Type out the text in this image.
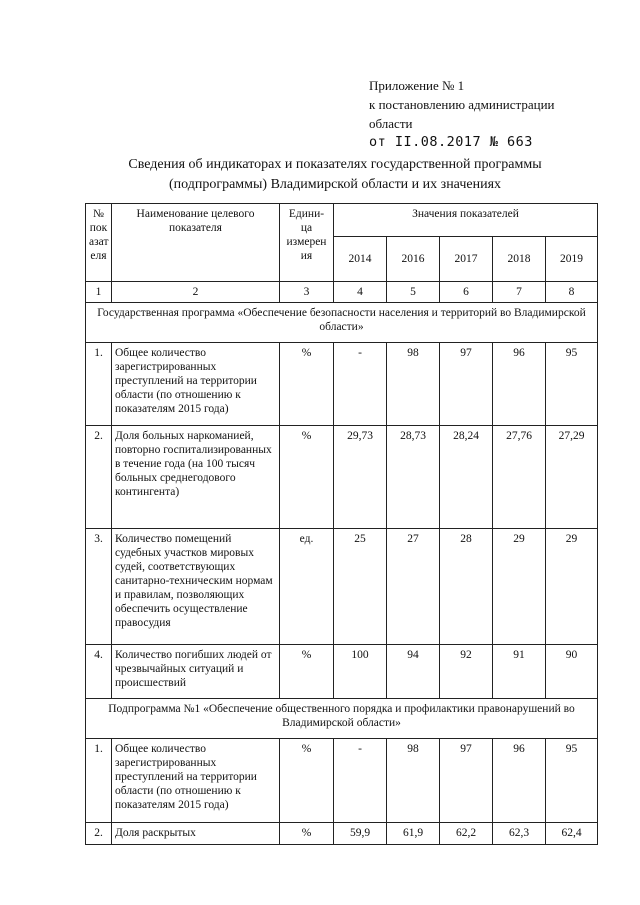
Приложение № 1
к постановлению администрации
области
от II.08.2017 № 663
Сведения об индикаторах и показателях государственной программы
(подпрограммы) Владимирской области и их значениях
№ пок азат еля	Наименование целевого показателя	Едини- ца измерен ия	Значения показателей				
			2014	2016	2017	2018	2019
1	2	3	4	5	6	7	8
Государственная программа «Обеспечение безопасности населения и территорий во Владимирской области»							
1.	Общее количество зарегистрированных преступлений на территории области (по отношению к показателям 2015 года)	%	-	98	97	96	95
2.	Доля больных наркоманией, повторно госпитализированных в течение года (на 100 тысяч больных среднегодового контингента)	%	29,73	28,73	28,24	27,76	27,29
3.	Количество помещений судебных участков мировых судей, соответствующих санитарно-техническим нормам и правилам, позволяющих обеспечить осуществление правосудия	ед.	25	27	28	29	29
4.	Количество погибших людей от чрезвычайных ситуаций и происшествий	%	100	94	92	91	90
Подпрограмма №1 «Обеспечение общественного порядка и профилактики правонарушений во Владимирской области»							
1.	Общее количество зарегистрированных преступлений на территории области (по отношению к показателям 2015 года)	%	-	98	97	96	95
2.	Доля раскрытых	%	59,9	61,9	62,2	62,3	62,4
